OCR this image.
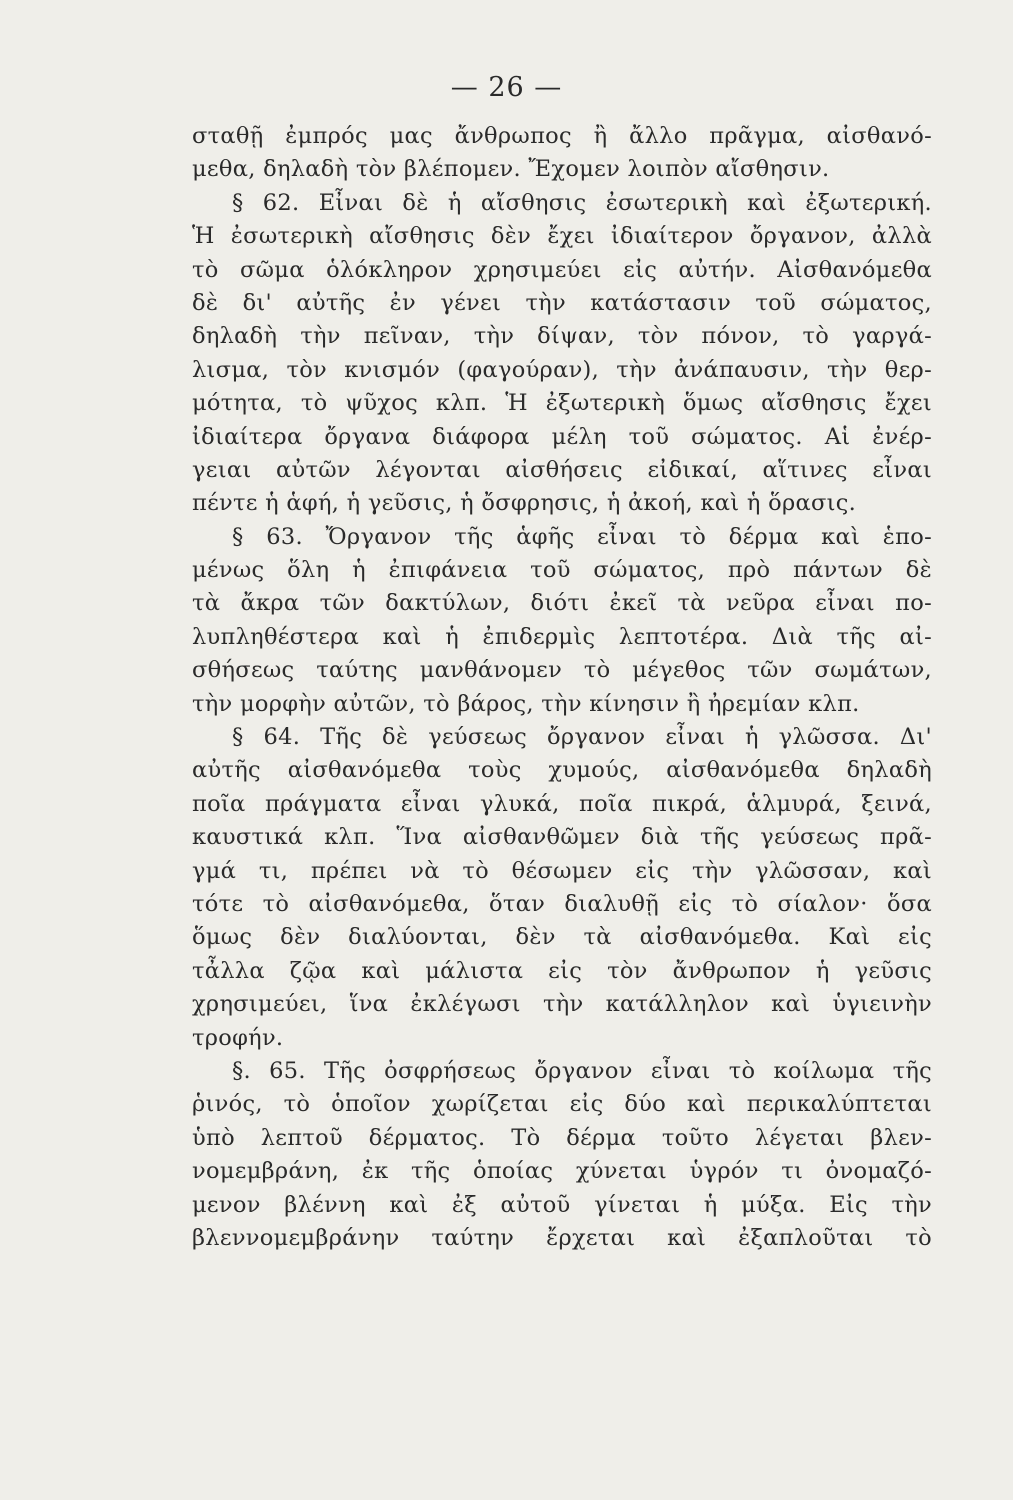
— 26 —
σταθῇ ἐμπρός μας ἄνθρωπος ἢ ἄλλο πρᾶγμα, αἰσθανό-
μεθα, δηλαδὴ τὸν βλέπομεν. Ἔχομεν λοιπὸν αἴσθησιν.
§ 62. Εἶναι δὲ ἡ αἴσθησις ἐσωτερικὴ καὶ ἐξωτερική.
Ἡ ἐσωτερικὴ αἴσθησις δὲν ἔχει ἰδιαίτερον ὄργανον, ἀλλὰ
τὸ σῶμα ὁλόκληρον χρησιμεύει εἰς αὐτήν. Αἰσθανόμεθα
δὲ δι' αὐτῆς ἐν γένει τὴν κατάστασιν τοῦ σώματος,
δηλαδὴ τὴν πεῖναν, τὴν δίψαν, τὸν πόνον, τὸ γαργά-
λισμα, τὸν κνισμόν (φαγούραν), τὴν ἀνάπαυσιν, τὴν θερ-
μότητα, τὸ ψῦχος κλπ. Ἡ ἐξωτερικὴ ὅμως αἴσθησις ἔχει
ἰδιαίτερα ὄργανα διάφορα μέλη τοῦ σώματος. Αἱ ἐνέρ-
γειαι αὐτῶν λέγονται αἰσθήσεις εἰδικαί, αἵτινες εἶναι
πέντε ἡ ἁφή, ἡ γεῦσις, ἡ ὄσφρησις, ἡ ἀκοή, καὶ ἡ ὅρασις.
§ 63. Ὄργανον τῆς ἁφῆς εἶναι τὸ δέρμα καὶ ἑπο-
μένως ὅλη ἡ ἐπιφάνεια τοῦ σώματος, πρὸ πάντων δὲ
τὰ ἄκρα τῶν δακτύλων, διότι ἐκεῖ τὰ νεῦρα εἶναι πο-
λυπληθέστερα καὶ ἡ ἐπιδερμὶς λεπτοτέρα. Διὰ τῆς αἰ-
σθήσεως ταύτης μανθάνομεν τὸ μέγεθος τῶν σωμάτων,
τὴν μορφὴν αὐτῶν, τὸ βάρος, τὴν κίνησιν ἢ ἠρεμίαν κλπ.
§ 64. Τῆς δὲ γεύσεως ὄργανον εἶναι ἡ γλῶσσα. Δι'
αὐτῆς αἰσθανόμεθα τοὺς χυμούς, αἰσθανόμεθα δηλαδὴ
ποῖα πράγματα εἶναι γλυκά, ποῖα πικρά, ἁλμυρά, ξεινά,
καυστικά κλπ. Ἵνα αἰσθανθῶμεν διὰ τῆς γεύσεως πρᾶ-
γμά τι, πρέπει νὰ τὸ θέσωμεν εἰς τὴν γλῶσσαν, καὶ
τότε τὸ αἰσθανόμεθα, ὅταν διαλυθῇ εἰς τὸ σίαλον· ὅσα
ὅμως δὲν διαλύονται, δὲν τὰ αἰσθανόμεθα. Καὶ εἰς
τἆλλα ζῷα καὶ μάλιστα εἰς τὸν ἄνθρωπον ἡ γεῦσις
χρησιμεύει, ἵνα ἐκλέγωσι τὴν κατάλληλον καὶ ὑγιεινὴν
τροφήν.
§. 65. Τῆς ὀσφρήσεως ὄργανον εἶναι τὸ κοίλωμα τῆς
ῥινός, τὸ ὁποῖον χωρίζεται εἰς δύο καὶ περικαλύπτεται
ὑπὸ λεπτοῦ δέρματος. Τὸ δέρμα τοῦτο λέγεται βλεν-
νομεμβράνη, ἐκ τῆς ὁποίας χύνεται ὑγρόν τι ὀνομαζό-
μενον βλέννη καὶ ἐξ αὐτοῦ γίνεται ἡ μύξα. Εἰς τὴν
βλεννομεμβράνην ταύτην ἔρχεται καὶ ἐξαπλοῦται τὸ
